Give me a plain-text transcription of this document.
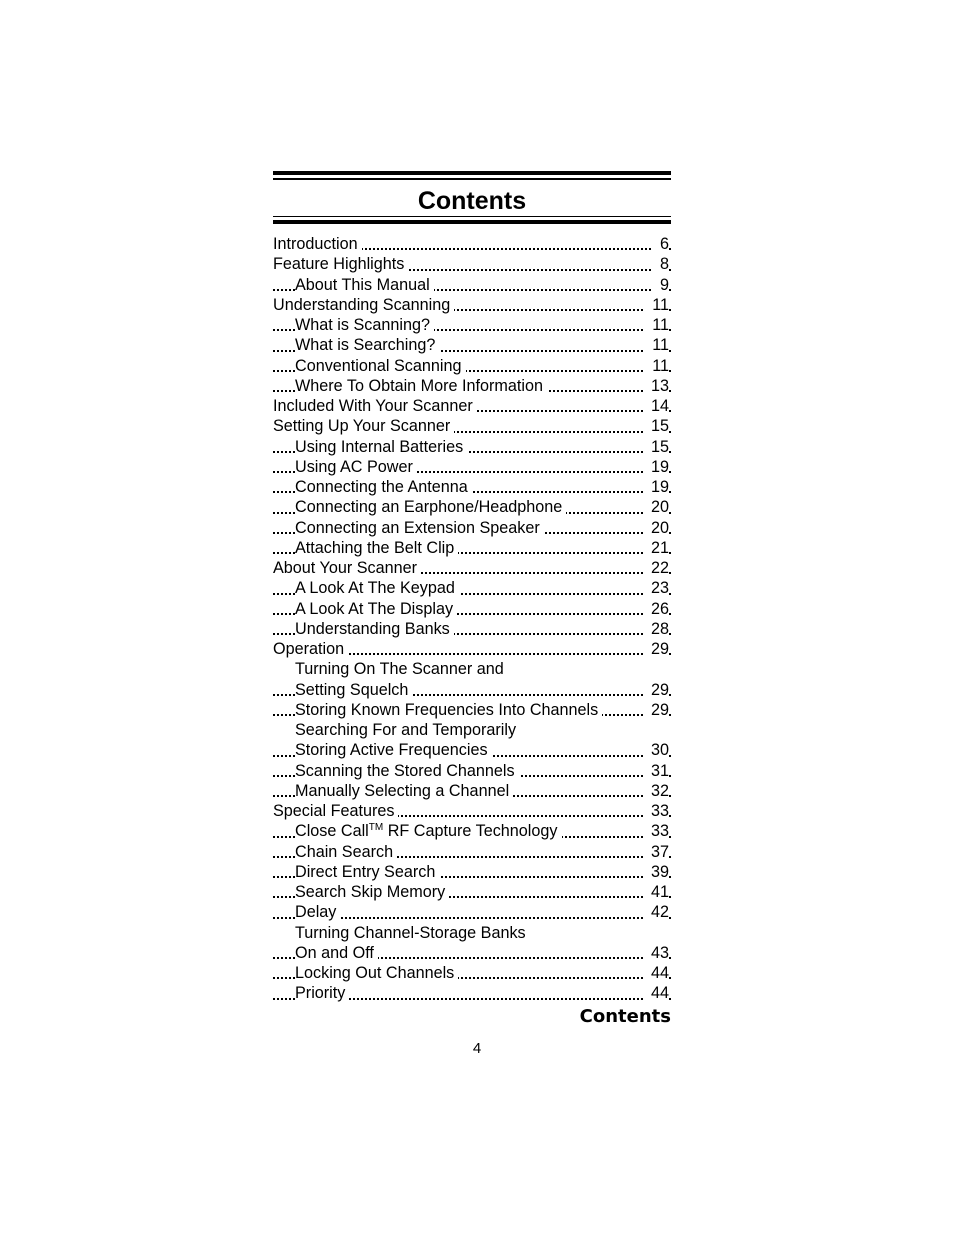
Contents
Introduction	6
Feature Highlights	8
About This Manual	9
Understanding Scanning	11
What is Scanning?	11
What is Searching?	11
Conventional Scanning	11
Where To Obtain More Information	13
Included With Your Scanner	14
Setting Up Your Scanner	15
Using Internal Batteries	15
Using AC Power	19
Connecting the Antenna	19
Connecting an Earphone/Headphone	20
Connecting an Extension Speaker	20
Attaching the Belt Clip	21
About Your Scanner	22
A Look At The Keypad	23
A Look At The Display	26
Understanding Banks	28
Operation	29
Turning On The Scanner and
Setting Squelch	29
Storing Known Frequencies Into Channels	29
Searching For and Temporarily
Storing Active Frequencies	30
Scanning the Stored Channels	31
Manually Selecting a Channel	32
Special Features	33
Close Call™ RF Capture Technology	33
Chain Search	37
Direct Entry Search	39
Search Skip Memory	41
Delay	42
Turning Channel-Storage Banks
On and Off	43
Locking Out Channels	44
Priority	44
Contents
4
